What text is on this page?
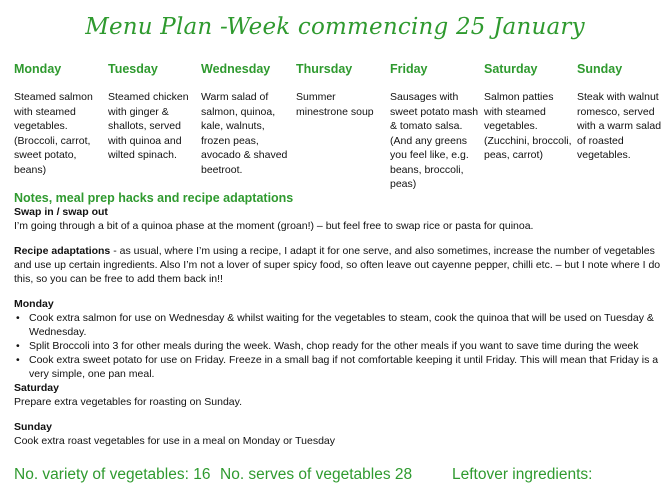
Menu Plan -Week commencing 25 January
Monday
Steamed salmon with steamed vegetables. (Broccoli, carrot, sweet potato, beans)
Tuesday
Steamed chicken with ginger & shallots, served with quinoa and wilted spinach.
Wednesday
Warm salad of salmon, quinoa, kale, walnuts, frozen peas, avocado & shaved beetroot.
Thursday
Summer minestrone soup
Friday
Sausages with sweet potato mash & tomato salsa. (And any greens you feel like, e.g. beans, broccoli, peas)
Saturday
Salmon patties with steamed vegetables. (Zucchini, broccoli, peas, carrot)
Sunday
Steak with walnut romesco, served with a warm salad of roasted vegetables.
Notes, meal prep hacks and recipe adaptations
Swap in / swap out
I’m going through a bit of a quinoa phase at the moment (groan!) – but feel free to swap rice or pasta for quinoa.
Recipe adaptations - as usual, where I’m using a recipe, I adapt it for one serve, and also sometimes, increase the number of vegetables and use up certain ingredients. Also I’m not a lover of super spicy food, so often leave out cayenne pepper, chilli etc. – but I note where I do this, so you can be free to add them back in!!
Monday
• Cook extra salmon for use on Wednesday & whilst waiting for the vegetables to steam, cook the quinoa that will be used on Tuesday & Wednesday.
• Split Broccoli into 3 for other meals during the week. Wash, chop ready for the other meals if you want to save time during the week
• Cook extra sweet potato for use on Friday. Freeze in a small bag if not comfortable keeping it until Friday. This will mean that Friday is a very simple, one pan meal.
Saturday
Prepare extra vegetables for roasting on Sunday.
Sunday
Cook extra roast vegetables for use in a meal on Monday or Tuesday
No. variety of vegetables: 16 No. serves of vegetables 28	Leftover ingredients:
